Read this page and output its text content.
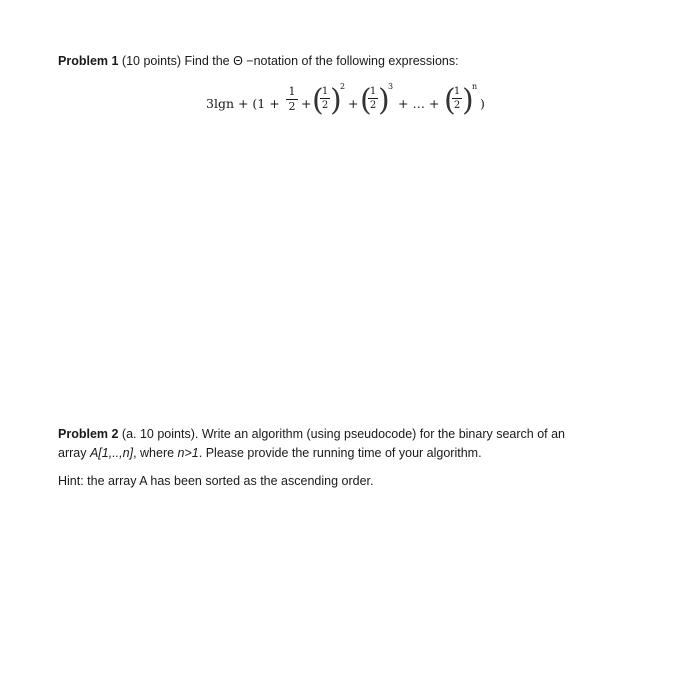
Problem 1 (10 points) Find the Θ −notation of the following expressions:
3lgn + (1 +
1
2 + (
1
2 )
2
+ (
1
2 )
3
+ … + (
1
2 )
n
)
Problem 2 (a. 10 points). Write an algorithm (using pseudocode) for the binary search of an
array A[1,..,n], where n>1. Please provide the running time of your algorithm.
Hint: the array A has been sorted as the ascending order.
